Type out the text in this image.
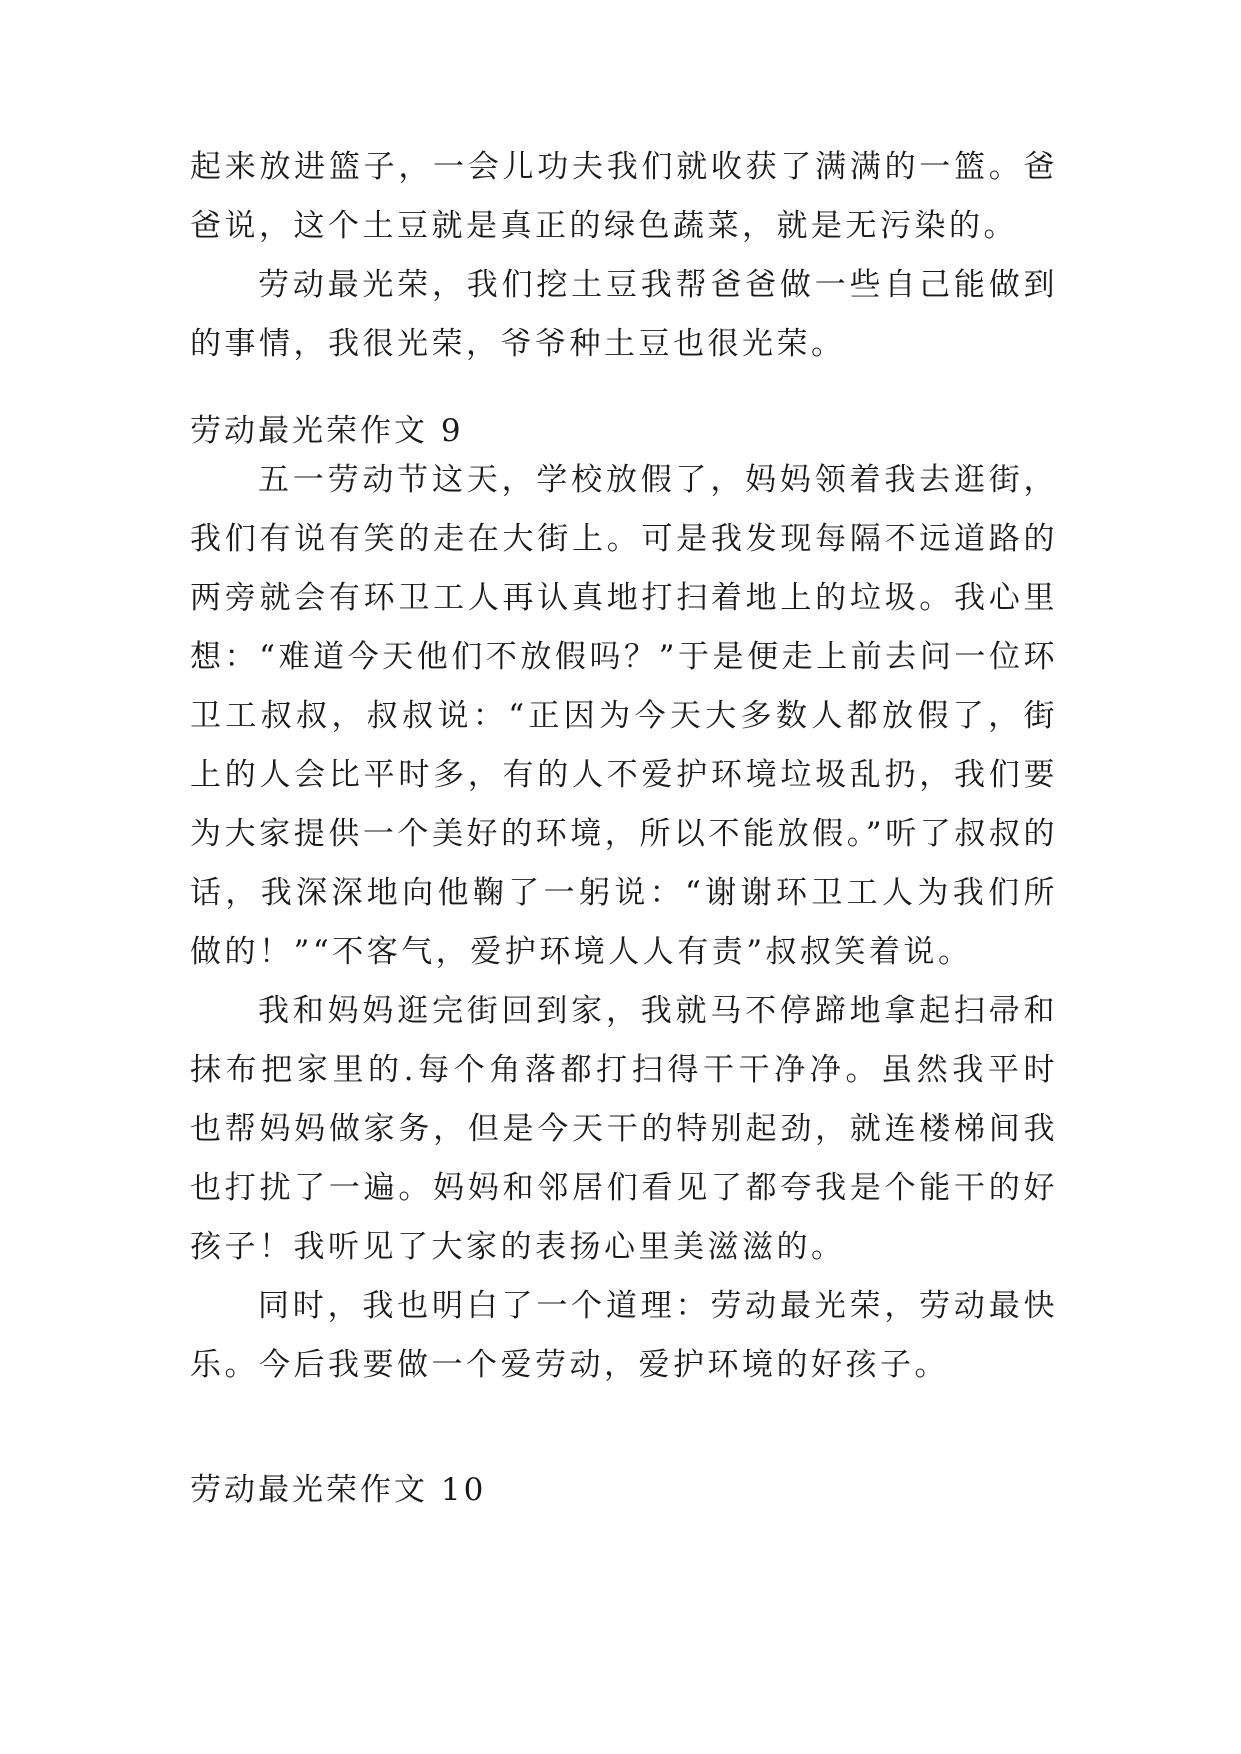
起来放进篮子，一会儿功夫我们就收获了满满的一篮。爸爸说，这个土豆就是真正的绿色蔬菜，就是无污染的。

劳动最光荣，我们挖土豆我帮爸爸做一些自己能做到的事情，我很光荣，爷爷种土豆也很光荣。

劳动最光荣作文 9

五一劳动节这天，学校放假了，妈妈领着我去逛街，我们有说有笑的走在大街上。可是我发现每隔不远道路的两旁就会有环卫工人再认真地打扫着地上的垃圾。我心里想：“难道今天他们不放假吗？”于是便走上前去问一位环卫工叔叔，叔叔说：“正因为今天大多数人都放假了，街上的人会比平时多，有的人不爱护环境垃圾乱扔，我们要为大家提供一个美好的环境，所以不能放假。”听了叔叔的话，我深深地向他鞠了一躬说：“谢谢环卫工人为我们所做的！”“不客气，爱护环境人人有责”叔叔笑着说。

我和妈妈逛完街回到家，我就马不停蹄地拿起扫帚和抹布把家里的.每个角落都打扫得干干净净。虽然我平时也帮妈妈做家务，但是今天干的特别起劲，就连楼梯间我也打扰了一遍。妈妈和邻居们看见了都夸我是个能干的好孩子！我听见了大家的表扬心里美滋滋的。

同时，我也明白了一个道理：劳动最光荣，劳动最快乐。今后我要做一个爱劳动，爱护环境的好孩子。

劳动最光荣作文 10
